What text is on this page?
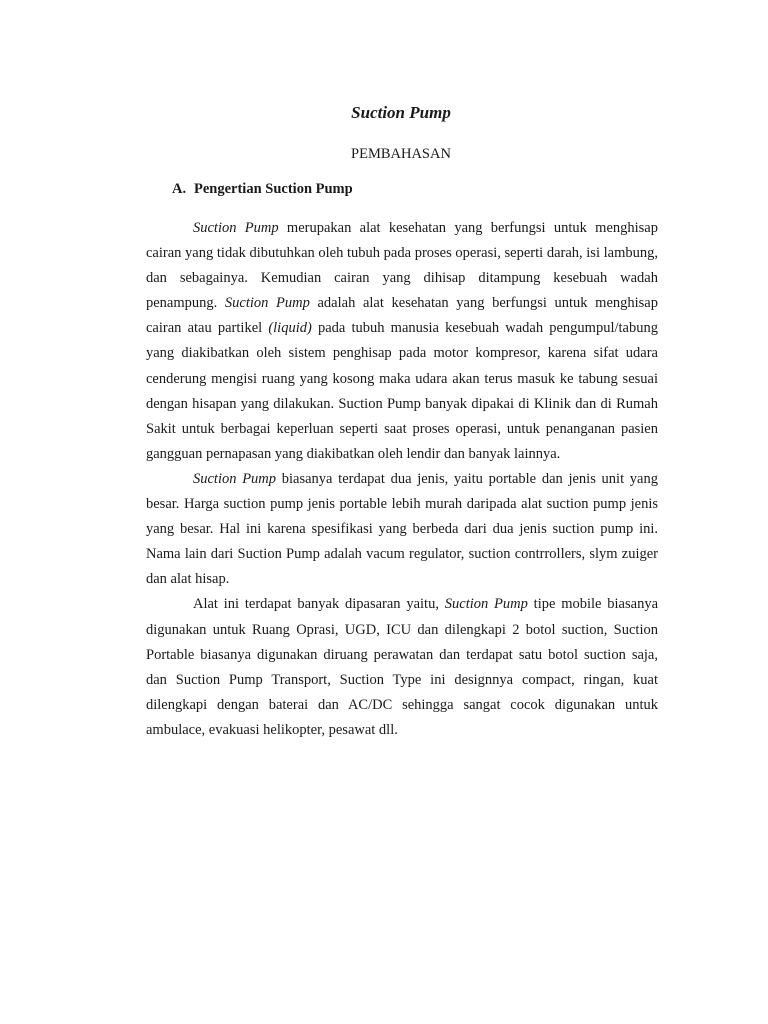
Suction Pump
PEMBAHASAN
A. Pengertian Suction Pump

Suction Pump merupakan alat kesehatan yang berfungsi untuk menghisap cairan yang tidak dibutuhkan oleh tubuh pada proses operasi, seperti darah, isi lambung, dan sebagainya. Kemudian cairan yang dihisap ditampung kesebuah wadah penampung. Suction Pump adalah alat kesehatan yang berfungsi untuk menghisap cairan atau partikel (liquid) pada tubuh manusia kesebuah wadah pengumpul/tabung yang diakibatkan oleh sistem penghisap pada motor kompresor, karena sifat udara cenderung mengisi ruang yang kosong maka udara akan terus masuk ke tabung sesuai dengan hisapan yang dilakukan. Suction Pump banyak dipakai di Klinik dan di Rumah Sakit untuk berbagai keperluan seperti saat proses operasi, untuk penanganan pasien gangguan pernapasan yang diakibatkan oleh lendir dan banyak lainnya.

Suction Pump biasanya terdapat dua jenis, yaitu portable dan jenis unit yang besar. Harga suction pump jenis portable lebih murah daripada alat suction pump jenis yang besar. Hal ini karena spesifikasi yang berbeda dari dua jenis suction pump ini. Nama lain dari Suction Pump adalah vacum regulator, suction contrrollers, slym zuiger dan alat hisap.

Alat ini terdapat banyak dipasaran yaitu, Suction Pump tipe mobile biasanya digunakan untuk Ruang Oprasi, UGD, ICU dan dilengkapi 2 botol suction, Suction Portable biasanya digunakan diruang perawatan dan terdapat satu botol suction saja, dan Suction Pump Transport, Suction Type ini designnya compact, ringan, kuat dilengkapi dengan baterai dan AC/DC sehingga sangat cocok digunakan untuk ambulace, evakuasi helikopter, pesawat dll.
